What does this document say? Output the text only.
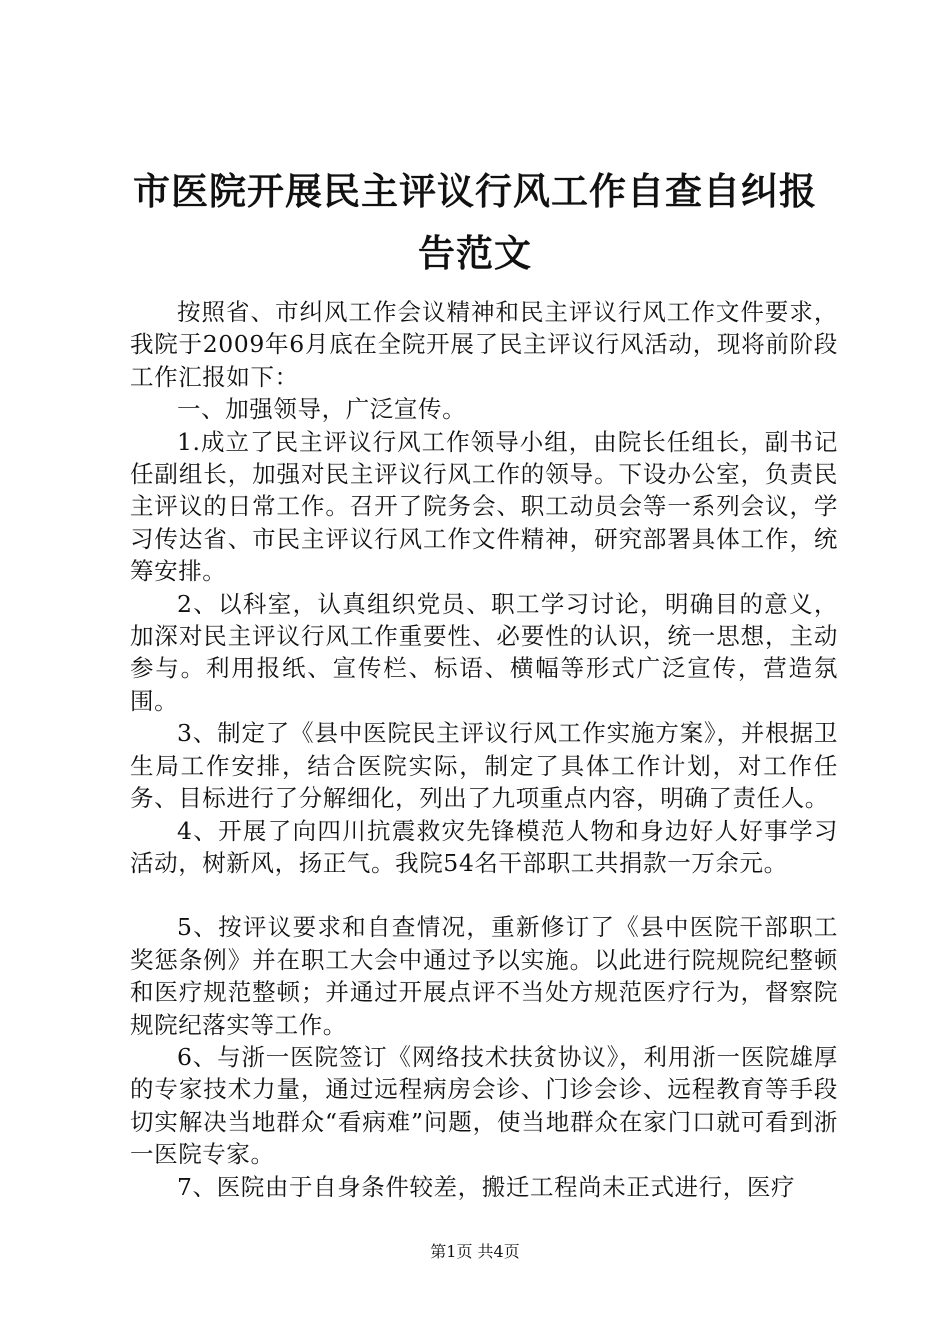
市医院开展民主评议行风工作自查自纠报告范文

按照省、市纠风工作会议精神和民主评议行风工作文件要求，我院于2009年6月底在全院开展了民主评议行风活动，现将前阶段工作汇报如下：

一、加强领导，广泛宣传。

1.成立了民主评议行风工作领导小组，由院长任组长，副书记任副组长，加强对民主评议行风工作的领导。下设办公室，负责民主评议的日常工作。召开了院务会、职工动员会等一系列会议，学习传达省、市民主评议行风工作文件精神，研究部署具体工作，统筹安排。

2、以科室，认真组织党员、职工学习讨论，明确目的意义，加深对民主评议行风工作重要性、必要性的认识，统一思想，主动参与。利用报纸、宣传栏、标语、横幅等形式广泛宣传，营造氛围。

3、制定了《县中医院民主评议行风工作实施方案》，并根据卫生局工作安排，结合医院实际，制定了具体工作计划，对工作任务、目标进行了分解细化，列出了九项重点内容，明确了责任人。

4、开展了向四川抗震救灾先锋模范人物和身边好人好事学习活动，树新风，扬正气。我院54名干部职工共捐款一万余元。

5、按评议要求和自查情况，重新修订了《县中医院干部职工奖惩条例》并在职工大会中通过予以实施。以此进行院规院纪整顿和医疗规范整顿；并通过开展点评不当处方规范医疗行为，督察院规院纪落实等工作。

6、与浙一医院签订《网络技术扶贫协议》，利用浙一医院雄厚的专家技术力量，通过远程病房会诊、门诊会诊、远程教育等手段切实解决当地群众“看病难”问题，使当地群众在家门口就可看到浙一医院专家。

7、医院由于自身条件较差，搬迁工程尚未正式进行，医疗

第1页 共4页
